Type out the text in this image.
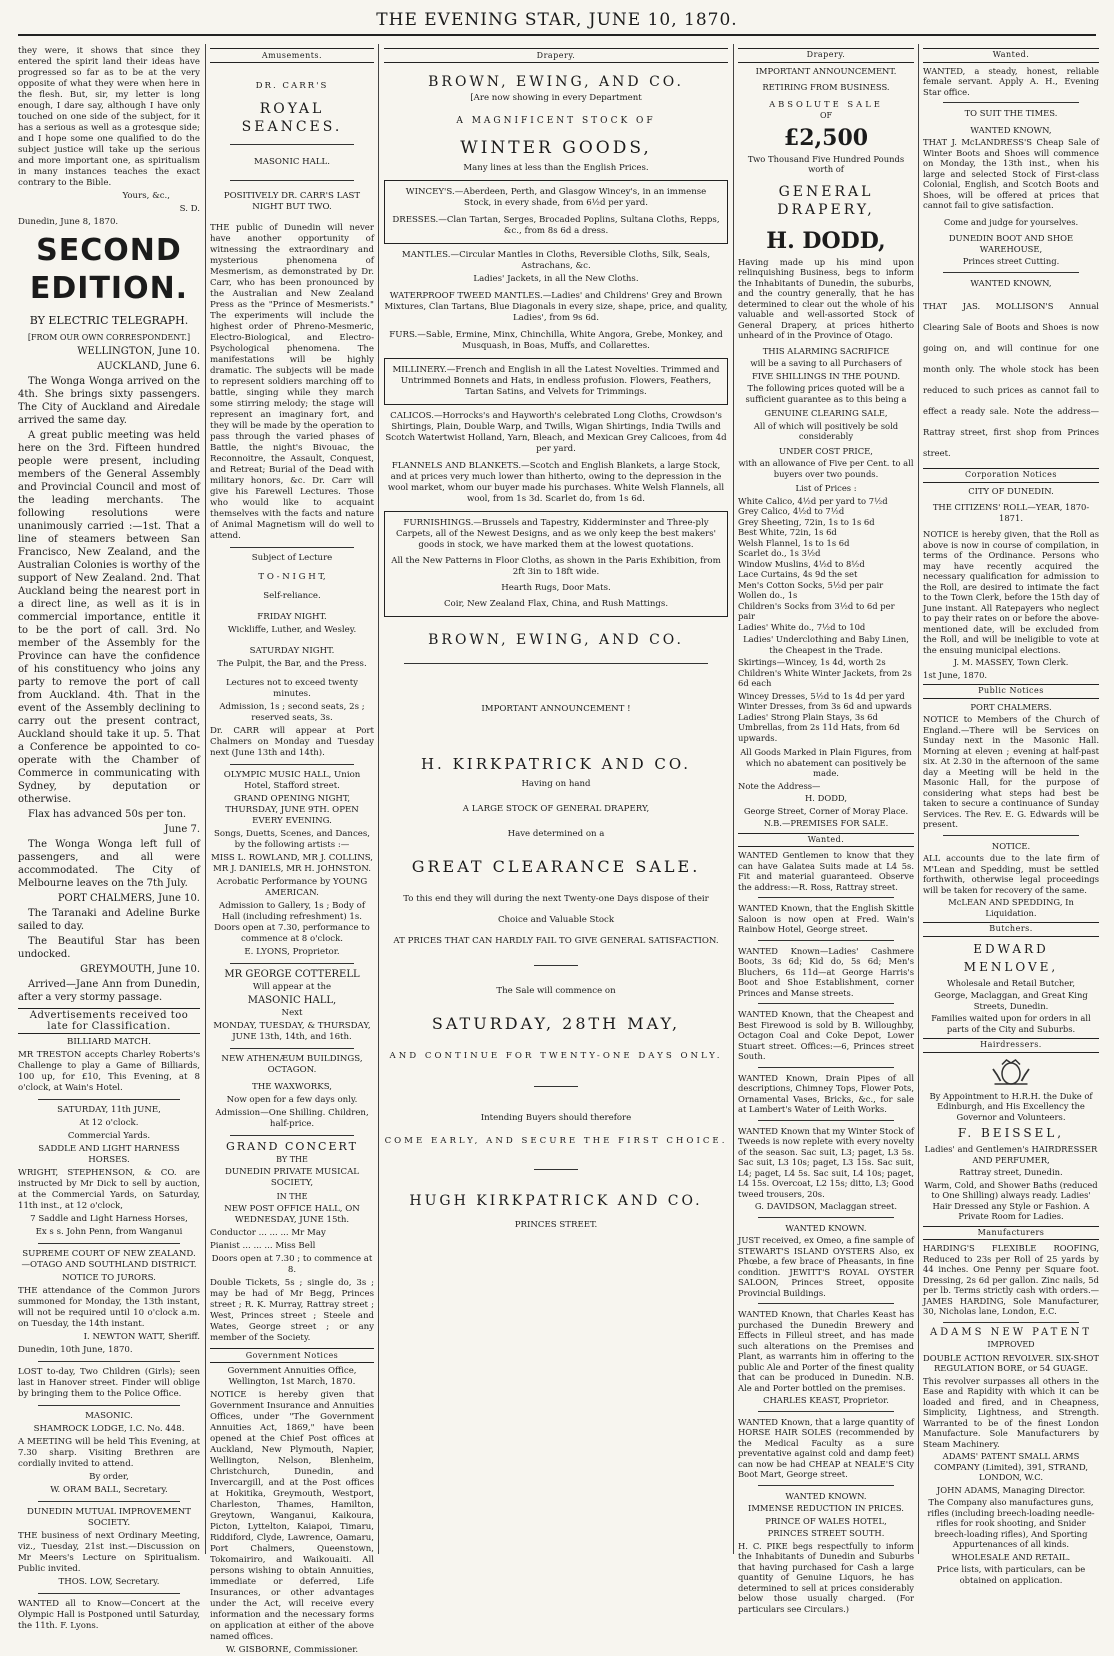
THE EVENING STAR, JUNE 10, 1870.

they were, it shows that since they entered the spirit land their ideas have progressed so far as to be at the very opposite of what they were when here in the flesh. But, sir, my letter is long enough, I dare say, although I have only touched on one side of the subject, for it has a serious as well as a grotesque side; and I hope some one qualified to do the subject justice will take up the serious and more important one, as spiritualism in many instances teaches the exact contrary to the Bible.

Yours, &c.,

S. D.

Dunedin, June 8, 1870.

SECOND EDITION.

BY ELECTRIC TELEGRAPH.

[FROM OUR OWN CORRESPONDENT.]

WELLINGTON, June 10.

AUCKLAND, June 6.

The Wonga Wonga arrived on the 4th. She brings sixty passengers. The City of Auckland and Airedale arrived the same day.

A great public meeting was held here on the 3rd. Fifteen hundred people were present, including members of the General Assembly and Provincial Council and most of the leading merchants. The following resolutions were unanimously carried :—1st. That a line of steamers between San Francisco, New Zealand, and the Australian Colonies is worthy of the support of New Zealand. 2nd. That Auckland being the nearest port in a direct line, as well as it is in commercial importance, entitle it to be the port of call. 3rd. No member of the Assembly for the Province can have the confidence of his constituency who joins any party to remove the port of call from Auckland. 4th. That in the event of the Assembly declining to carry out the present contract, Auckland should take it up. 5. That a Conference be appointed to co-operate with the Chamber of Commerce in communicating with Sydney, by deputation or otherwise.

Flax has advanced 50s per ton.

June 7.

The Wonga Wonga left full of passengers, and all were accommodated. The City of Melbourne leaves on the 7th July.

PORT CHALMERS, June 10.

The Taranaki and Adeline Burke sailed to day.

The Beautiful Star has been undocked.

GREYMOUTH, June 10.

Arrived—Jane Ann from Dunedin, after a very stormy passage.

Advertisements received too late for Classification.

BILLIARD MATCH.

MR TRESTON accepts Charley Roberts's Challenge to play a Game of Billiards, 100 up, for £10, This Evening, at 8 o'clock, at Wain's Hotel.

SATURDAY, 11th JUNE,

At 12 o'clock.

Commercial Yards.

SADDLE AND LIGHT HARNESS HORSES.

WRIGHT, STEPHENSON, & CO. are instructed by Mr Dick to sell by auction, at the Commercial Yards, on Saturday, 11th inst., at 12 o'clock,

7 Saddle and Light Harness Horses,

Ex s s. John Penn, from Wanganui

SUPREME COURT OF NEW ZEALAND. —OTAGO AND SOUTHLAND DISTRICT.

NOTICE TO JURORS.

THE attendance of the Common Jurors summoned for Monday, the 13th instant, will not be required until 10 o'clock a.m. on Tuesday, the 14th instant.

I. NEWTON WATT, Sheriff.

Dunedin, 10th June, 1870.

LOST to-day, Two Children (Girls); seen last in Hanover street. Finder will oblige by bringing them to the Police Office.

MASONIC.

SHAMROCK LODGE, I.C. No. 448.

A MEETING will be held This Evening, at 7.30 sharp. Visiting Brethren are cordially invited to attend.

By order,

W. ORAM BALL, Secretary.

DUNEDIN MUTUAL IMPROVEMENT SOCIETY.

THE business of next Ordinary Meeting, viz., Tuesday, 21st inst.—Discussion on Mr Meers's Lecture on Spiritualism. Public invited.

THOS. LOW, Secretary.

WANTED all to Know—Concert at the Olympic Hall is Postponed until Saturday, the 11th. F. Lyons.

Amusements.

DR. CARR'S

ROYAL SEANCES.

MASONIC HALL.

POSITIVELY DR. CARR'S LAST NIGHT BUT TWO.

THE public of Dunedin will never have another opportunity of witnessing the extraordinary and mysterious phenomena of Mesmerism, as demonstrated by Dr. Carr, who has been pronounced by the Australian and New Zealand Press as the "Prince of Mesmerists." The experiments will include the highest order of Phreno-Mesmeric, Electro-Biological, and Electro-Psychological phenomena. The manifestations will be highly dramatic. The subjects will be made to represent soldiers marching off to battle, singing while they march some stirring melody; the stage will represent an imaginary fort, and they will be made by the operation to pass through the varied phases of Battle, the night's Bivouac, the Reconnoitre, the Assault, Conquest, and Retreat; Burial of the Dead with military honors, &c. Dr. Carr will give his Farewell Lectures. Those who would like to acquaint themselves with the facts and nature of Animal Magnetism will do well to attend.

Subject of Lecture

T O - N I G H T,

Self-reliance.

FRIDAY NIGHT.

Wickliffe, Luther, and Wesley.

SATURDAY NIGHT.

The Pulpit, the Bar, and the Press.

Lectures not to exceed twenty minutes.

Admission, 1s ; second seats, 2s ; reserved seats, 3s.

Dr. CARR will appear at Port Chalmers on Monday and Tuesday next (June 13th and 14th).

OLYMPIC MUSIC HALL, Union Hotel, Stafford street.

GRAND OPENING NIGHT, THURSDAY, JUNE 9TH. OPEN EVERY EVENING.

Songs, Duetts, Scenes, and Dances, by the following artists :—

MISS L. ROWLAND, MR J. COLLINS, MR J. DANIELS, MR H. JOHNSTON.

Acrobatic Performance by YOUNG AMERICAN.

Admission to Gallery, 1s ; Body of Hall (including refreshment) 1s. Doors open at 7.30, performance to commence at 8 o'clock.

E. LYONS, Proprietor.

MR GEORGE COTTERELL

Will appear at the

MASONIC HALL,

Next

MONDAY, TUESDAY, & THURSDAY, JUNE 13th, 14th, and 16th.

NEW ATHENÆUM BUILDINGS, OCTAGON.

THE WAXWORKS,

Now open for a few days only.

Admission—One Shilling. Children, half-price.

GRAND CONCERT

BY THE

DUNEDIN PRIVATE MUSICAL SOCIETY,

IN THE

NEW POST OFFICE HALL, ON WEDNESDAY, JUNE 15th.

Conductor ... ... ... Mr May

Pianist ... ... ... Miss Bell

Doors open at 7.30 ; to commence at 8.

Double Tickets, 5s ; single do, 3s ; may be had of Mr Begg, Princes street ; R. K. Murray, Rattray street ; West, Princes street ; Steele and Wates, George street ; or any member of the Society.

Government Notices

Government Annuities Office, Wellington, 1st March, 1870.

NOTICE is hereby given that Government Insurance and Annuities Offices, under "The Government Annuities Act, 1869," have been opened at the Chief Post offices at Auckland, New Plymouth, Napier, Wellington, Nelson, Blenheim, Christchurch, Dunedin, and Invercargill, and at the Post offices at Hokitika, Greymouth, Westport, Charleston, Thames, Hamilton, Greytown, Wanganui, Kaikoura, Picton, Lyttelton, Kaiapoi, Timaru, Riddiford, Clyde, Lawrence, Oamaru, Port Chalmers, Queenstown, Tokomairiro, and Waikouaiti. All persons wishing to obtain Annuities, immediate or deferred, Life Insurances, or other advantages under the Act, will receive every information and the necessary forms on application at either of the above named offices.

W. GISBORNE, Commissioner.

Drapery.

BROWN, EWING, AND CO.

[Are now showing in every Department

A MAGNIFICENT STOCK OF

WINTER GOODS,

Many lines at less than the English Prices.

WINCEY'S.—Aberdeen, Perth, and Glasgow Wincey's, in an immense Stock, in every shade, from 6½d per yard.

DRESSES.—Clan Tartan, Serges, Brocaded Poplins, Sultana Cloths, Repps, &c., from 8s 6d a dress.

MANTLES.—Circular Mantles in Cloths, Reversible Cloths, Silk, Seals, Astrachans, &c.

Ladies' Jackets, in all the New Cloths.

WATERPROOF TWEED MANTLES.—Ladies' and Childrens' Grey and Brown Mixtures, Clan Tartans, Blue Diagonals in every size, shape, price, and quality, Ladies', from 9s 6d.

FURS.—Sable, Ermine, Minx, Chinchilla, White Angora, Grebe, Monkey, and Musquash, in Boas, Muffs, and Collarettes.

MILLINERY.—French and English in all the Latest Novelties. Trimmed and Untrimmed Bonnets and Hats, in endless profusion. Flowers, Feathers, Tartan Satins, and Velvets for Trimmings.

CALICOS.—Horrocks's and Hayworth's celebrated Long Cloths, Crowdson's Shirtings, Plain, Double Warp, and Twills, Wigan Shirtings, India Twills and Scotch Watertwist Holland, Yarn, Bleach, and Mexican Grey Calicoes, from 4d per yard.

FLANNELS AND BLANKETS.—Scotch and English Blankets, a large Stock, and at prices very much lower than hitherto, owing to the depression in the wool market, whom our buyer made his purchases. White Welsh Flannels, all wool, from 1s 3d. Scarlet do, from 1s 6d.

FURNISHINGS.—Brussels and Tapestry, Kidderminster and Three-ply Carpets, all of the Newest Designs, and as we only keep the best makers' goods in stock, we have marked them at the lowest quotations.

All the New Patterns in Floor Cloths, as shown in the Paris Exhibition, from 2ft 3in to 18ft wide.

Hearth Rugs, Door Mats.

Coir, New Zealand Flax, China, and Rush Mattings.

BROWN, EWING, AND CO.

IMPORTANT ANNOUNCEMENT !

H. KIRKPATRICK AND CO.

Having on hand

A LARGE STOCK OF GENERAL DRAPERY,

Have determined on a

GREAT CLEARANCE SALE.

To this end they will during the next Twenty-one Days dispose of their

Choice and Valuable Stock

AT PRICES THAT CAN HARDLY FAIL TO GIVE GENERAL SATISFACTION.

The Sale will commence on

SATURDAY, 28TH MAY,

AND CONTINUE FOR TWENTY-ONE DAYS ONLY.

Intending Buyers should therefore

COME EARLY, AND SECURE THE FIRST CHOICE.

HUGH KIRKPATRICK AND CO.

PRINCES STREET.

Drapery.

IMPORTANT ANNOUNCEMENT.

RETIRING FROM BUSINESS.

ABSOLUTE SALE

OF

£2,500

Two Thousand Five Hundred Pounds worth of

GENERAL DRAPERY,

H. DODD,

Having made up his mind upon relinquishing Business, begs to inform the Inhabitants of Dunedin, the suburbs, and the country generally, that he has determined to clear out the whole of his valuable and well-assorted Stock of General Drapery, at prices hitherto unheard of in the Province of Otago.

THIS ALARMING SACRIFICE

will be a saving to all Purchasers of

FIVE SHILLINGS IN THE POUND.

The following prices quoted will be a sufficient guarantee as to this being a

GENUINE CLEARING SALE,

All of which will positively be sold considerably

UNDER COST PRICE,

with an allowance of Five per Cent. to all buyers over two pounds.

List of Prices :

White Calico, 4½d per yard to 7½d

Grey Calico, 4½d to 7½d

Grey Sheeting, 72in, 1s to 1s 6d

Best White, 72in, 1s 6d

Welsh Flannel, 1s to 1s 6d

Scarlet do., 1s 3½d

Window Muslins, 4½d to 8½d

Lace Curtains, 4s 9d the set

Men's Cotton Socks, 5½d per pair

Wollen do., 1s

Children's Socks from 3½d to 6d per pair

Ladies' White do., 7½d to 10d

Ladies' Underclothing and Baby Linen, the Cheapest in the Trade.

Skirtings—Wincey, 1s 4d, worth 2s Children's White Winter Jackets, from 2s 6d each

Wincey Dresses, 5½d to 1s 4d per yard Winter Dresses, from 3s 6d and upwards Ladies' Strong Plain Stays, 3s 6d Umbrellas, from 2s 11d Hats, from 6d upwards.

All Goods Marked in Plain Figures, from which no abatement can positively be made.

Note the Address—

H. DODD,

George Street, Corner of Moray Place.

N.B.—PREMISES FOR SALE.

Wanted.

WANTED Gentlemen to know that they can have Galatea Suits made at L4 5s. Fit and material guaranteed. Observe the address:—R. Ross, Rattray street.

WANTED Known, that the English Skittle Saloon is now open at Fred. Wain's Rainbow Hotel, George street.

WANTED Known—Ladies' Cashmere Boots, 3s 6d; Kid do, 5s 6d; Men's Bluchers, 6s 11d—at George Harris's Boot and Shoe Establishment, corner Princes and Manse streets.

WANTED Known, that the Cheapest and Best Firewood is sold by B. Willoughby, Octagon Coal and Coke Depot, Lower Stuart street. Offices:—6, Princes street South.

WANTED Known, Drain Pipes of all descriptions, Chimney Tops, Flower Pots, Ornamental Vases, Bricks, &c., for sale at Lambert's Water of Leith Works.

WANTED Known that my Winter Stock of Tweeds is now replete with every novelty of the season. Sac suit, L3; paget, L3 5s. Sac suit, L3 10s; paget, L3 15s. Sac suit, L4; paget, L4 5s. Sac suit, L4 10s; paget, L4 15s. Overcoat, L2 15s; ditto, L3; Good tweed trousers, 20s.

G. DAVIDSON, Maclaggan street.

WANTED KNOWN.

JUST received, ex Omeo, a fine sample of STEWART'S ISLAND OYSTERS Also, ex Phœbe, a few brace of Pheasants, in fine condition. JEWITT'S ROYAL OYSTER SALOON, Princes Street, opposite Provincial Buildings.

WANTED Known, that Charles Keast has purchased the Dunedin Brewery and Effects in Filleul street, and has made such alterations on the Premises and Plant, as warrants him in offering to the public Ale and Porter of the finest quality that can be produced in Dunedin. N.B. Ale and Porter bottled on the premises.

CHARLES KEAST, Proprietor.

WANTED Known, that a large quantity of HORSE HAIR SOLES (recommended by the Medical Faculty as a sure preventative against cold and damp feet) can now be had CHEAP at NEALE'S City Boot Mart, George street.

WANTED KNOWN.

IMMENSE REDUCTION IN PRICES.

PRINCE OF WALES HOTEL,

PRINCES STREET SOUTH.

H. C. PIKE begs respectfully to inform the Inhabitants of Dunedin and Suburbs that having purchased for Cash a large quantity of Genuine Liquors, he has determined to sell at prices considerably below those usually charged. (For particulars see Circulars.)

Wanted.

WANTED, a steady, honest, reliable female servant. Apply A. H., Evening Star office.

TO SUIT THE TIMES.

WANTED KNOWN,

THAT J. McLANDRESS'S Cheap Sale of Winter Boots and Shoes will commence on Monday, the 13th inst., when his large and selected Stock of First-class Colonial, English, and Scotch Boots and Shoes, will be offered at prices that cannot fail to give satisfaction.

Come and judge for yourselves.

DUNEDIN BOOT AND SHOE WAREHOUSE,

Princes street Cutting.

WANTED KNOWN,

THAT JAS. MOLLISON'S Annual Clearing Sale of Boots and Shoes is now going on, and will continue for one month only. The whole stock has been reduced to such prices as cannot fail to effect a ready sale. Note the address—Rattray street, first shop from Princes street.

Corporation Notices

CITY OF DUNEDIN.

THE CITIZENS' ROLL—YEAR, 1870-1871.

NOTICE is hereby given, that the Roll as above is now in course of compilation, in terms of the Ordinance. Persons who may have recently acquired the necessary qualification for admission to the Roll, are desired to intimate the fact to the Town Clerk, before the 15th day of June instant. All Ratepayers who neglect to pay their rates on or before the above-mentioned date, will be excluded from the Roll, and will be ineligible to vote at the ensuing municipal elections.

J. M. MASSEY, Town Clerk.

1st June, 1870.

Public Notices

PORT CHALMERS.

NOTICE to Members of the Church of England.—There will be Services on Sunday next in the Masonic Hall. Morning at eleven ; evening at half-past six. At 2.30 in the afternoon of the same day a Meeting will be held in the Masonic Hall, for the purpose of considering what steps had best be taken to secure a continuance of Sunday Services. The Rev. E. G. Edwards will be present.

NOTICE.

ALL accounts due to the late firm of M'Lean and Spedding, must be settled forthwith, otherwise legal proceedings will be taken for recovery of the same.

McLEAN AND SPEDDING, In Liquidation.

Butchers.

EDWARD MENLOVE,

Wholesale and Retail Butcher,

George, Maclaggan, and Great King Streets, Dunedin.

Families waited upon for orders in all parts of the City and Suburbs.

Hairdressers.

By Appointment to H.R.H. the Duke of Edinburgh, and His Excellency the Governor and Volunteers.

F. BEISSEL,

Ladies' and Gentlemen's HAIRDRESSER AND PERFUMER,

Rattray street, Dunedin.

Warm, Cold, and Shower Baths (reduced to One Shilling) always ready. Ladies' Hair Dressed any Style or Fashion. A Private Room for Ladies.

Manufacturers

HARDING'S FLEXIBLE ROOFING, Reduced to 23s per Roll of 25 yards by 44 inches. One Penny per Square foot. Dressing, 2s 6d per gallon. Zinc nails, 5d per lb. Terms strictly cash with orders.—JAMES HARDING, Sole Manufacturer, 30, Nicholas lane, London, E.C.

ADAMS NEW PATENT

IMPROVED

DOUBLE ACTION REVOLVER. SIX-SHOT REGULATION BORE, or 54 GUAGE.

This revolver surpasses all others in the Ease and Rapidity with which it can be loaded and fired, and in Cheapness, Simplicity, Lightness, and Strength. Warranted to be of the finest London Manufacture. Sole Manufacturers by Steam Machinery.

ADAMS' PATENT SMALL ARMS COMPANY (Limited), 391, STRAND, LONDON, W.C.

JOHN ADAMS, Managing Director.

The Company also manufactures guns, rifles (including breech-loading needle-rifles for rook shooting, and Snider breech-loading rifles), And Sporting Appurtenances of all kinds.

WHOLESALE AND RETAIL.

Price lists, with particulars, can be obtained on application.
